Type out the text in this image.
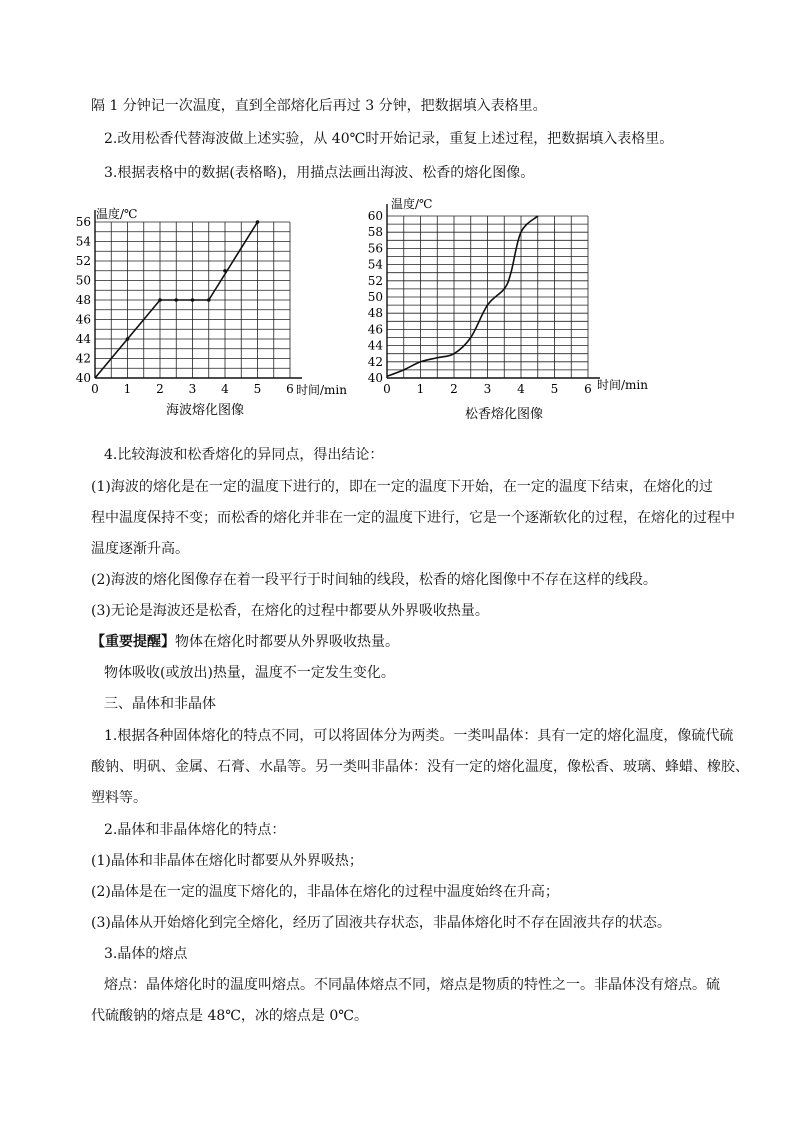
隔 1 分钟记一次温度，直到全部熔化后再过 3 分钟，把数据填入表格里。
2.改用松香代替海波做上述实验，从 40℃时开始记录，重复上述过程，把数据填入表格里。
3.根据表格中的数据(表格略)，用描点法画出海波、松香的熔化图像。
40
42
44
46
48
50
52
54
56
0 1 2 3 4 5 6
温度/℃
时间/min
海波熔化图像
40
42
44
46
48
50
52
54
56
58
60
0 1 2 3 4 5 6
温度/℃
时间/min
松香熔化图像
4.比较海波和松香熔化的异同点，得出结论：
(1)海波的熔化是在一定的温度下进行的，即在一定的温度下开始，在一定的温度下结束，在熔化的过
程中温度保持不变；而松香的熔化并非在一定的温度下进行，它是一个逐渐软化的过程，在熔化的过程中
温度逐渐升高。
(2)海波的熔化图像存在着一段平行于时间轴的线段，松香的熔化图像中不存在这样的线段。
(3)无论是海波还是松香，在熔化的过程中都要从外界吸收热量。
【重要提醒】物体在熔化时都要从外界吸收热量。
物体吸收(或放出)热量，温度不一定发生变化。
三、晶体和非晶体
1.根据各种固体熔化的特点不同，可以将固体分为两类。一类叫晶体：具有一定的熔化温度，像硫代硫
酸钠、明矾、金属、石膏、水晶等。另一类叫非晶体：没有一定的熔化温度，像松香、玻璃、蜂蜡、橡胶、
塑料等。
2.晶体和非晶体熔化的特点：
(1)晶体和非晶体在熔化时都要从外界吸热；
(2)晶体是在一定的温度下熔化的，非晶体在熔化的过程中温度始终在升高；
(3)晶体从开始熔化到完全熔化，经历了固液共存状态，非晶体熔化时不存在固液共存的状态。
3.晶体的熔点
熔点：晶体熔化时的温度叫熔点。不同晶体熔点不同，熔点是物质的特性之一。非晶体没有熔点。硫
代硫酸钠的熔点是 48℃，冰的熔点是 0℃。
